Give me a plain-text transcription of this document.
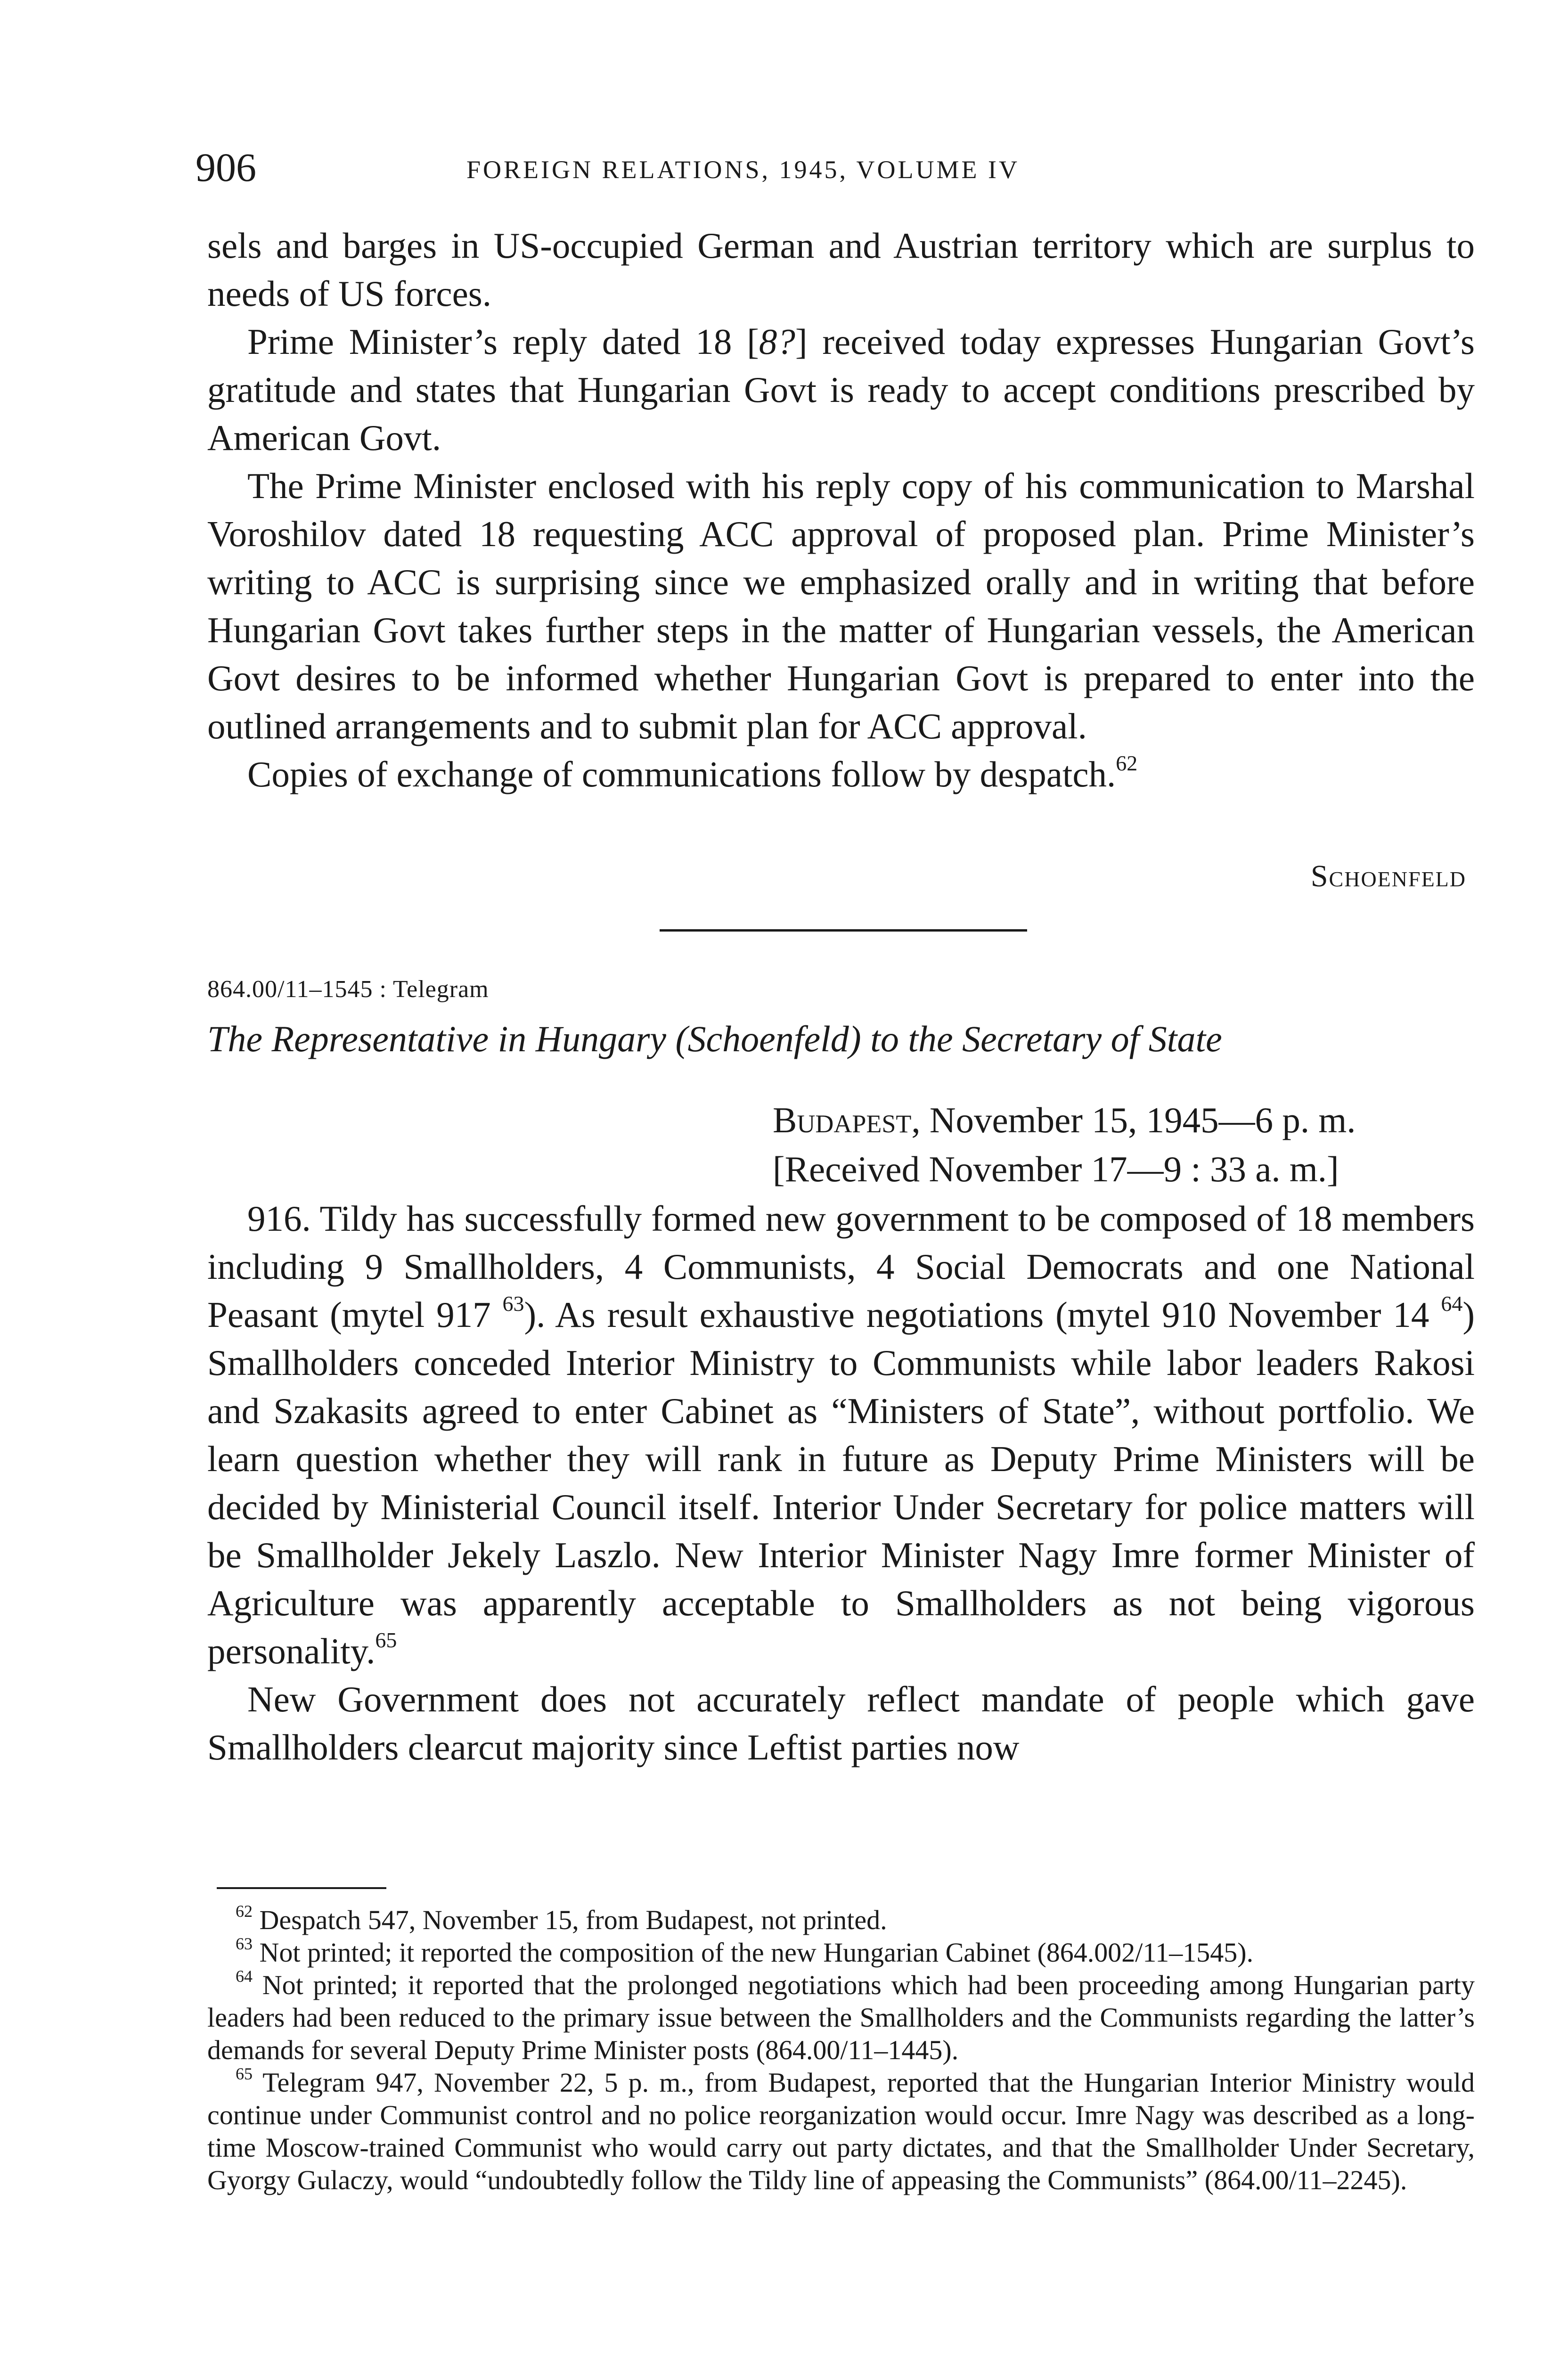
906	FOREIGN RELATIONS, 1945, VOLUME IV

sels and barges in US-occupied German and Austrian territory which are surplus to needs of US forces.

Prime Minister’s reply dated 18 [8?] received today expresses Hungarian Govt’s gratitude and states that Hungarian Govt is ready to accept conditions prescribed by American Govt.

The Prime Minister enclosed with his reply copy of his communication to Marshal Voroshilov dated 18 requesting ACC approval of proposed plan. Prime Minister’s writing to ACC is surprising since we emphasized orally and in writing that before Hungarian Govt takes further steps in the matter of Hungarian vessels, the American Govt desires to be informed whether Hungarian Govt is prepared to enter into the outlined arrangements and to submit plan for ACC approval.

Copies of exchange of communications follow by despatch.$^{62}$

Schoenfeld
864.00/11–1545 : Telegram
The Representative in Hungary (Schoenfeld) to the Secretary of State
Budapest, November 15, 1945—6 p. m.
[Received November 17—9 : 33 a. m.]

916. Tildy has successfully formed new government to be composed of 18 members including 9 Smallholders, 4 Communists, 4 Social Democrats and one National Peasant (mytel 917 $^{63}$). As result exhaustive negotiations (mytel 910 November 14 $^{64}$) Smallholders conceded Interior Ministry to Communists while labor leaders Rakosi and Szakasits agreed to enter Cabinet as “Ministers of State”, without portfolio. We learn question whether they will rank in future as Deputy Prime Ministers will be decided by Ministerial Council itself. Interior Under Secretary for police matters will be Smallholder Jekely Laszlo. New Interior Minister Nagy Imre former Minister of Agriculture was apparently acceptable to Smallholders as not being vigorous personality.$^{65}$

New Government does not accurately reflect mandate of people which gave Smallholders clearcut majority since Leftist parties now

$^{62}$ Despatch 547, November 15, from Budapest, not printed.

$^{63}$ Not printed; it reported the composition of the new Hungarian Cabinet (864.002/11–1545).

$^{64}$ Not printed; it reported that the prolonged negotiations which had been proceeding among Hungarian party leaders had been reduced to the primary issue between the Smallholders and the Communists regarding the latter’s demands for several Deputy Prime Minister posts (864.00/11–1445).

$^{65}$ Telegram 947, November 22, 5 p. m., from Budapest, reported that the Hungarian Interior Ministry would continue under Communist control and no police reorganization would occur. Imre Nagy was described as a long-time Moscow-trained Communist who would carry out party dictates, and that the Smallholder Under Secretary, Gyorgy Gulaczy, would “undoubtedly follow the Tildy line of appeasing the Communists” (864.00/11–2245).
